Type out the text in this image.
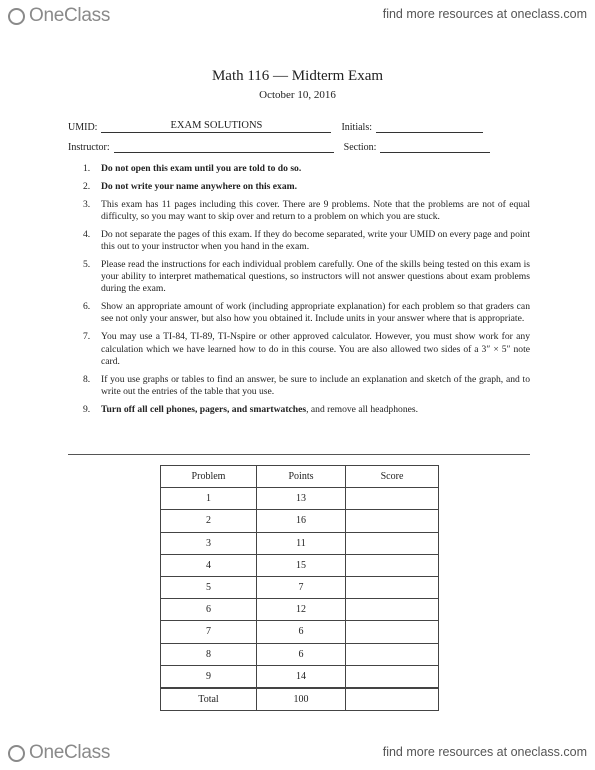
OneClass	find more resources at oneclass.com
Math 116 — Midterm Exam
October 10, 2016
UMID:	EXAM SOLUTIONS	Initials:
Instructor:	Section:
1.	Do not open this exam until you are told to do so.
2.	Do not write your name anywhere on this exam.
3.	This exam has 11 pages including this cover. There are 9 problems. Note that the problems are not of equal difficulty, so you may want to skip over and return to a problem on which you are stuck.
4.	Do not separate the pages of this exam. If they do become separated, write your UMID on every page and point this out to your instructor when you hand in the exam.
5.	Please read the instructions for each individual problem carefully. One of the skills being tested on this exam is your ability to interpret mathematical questions, so instructors will not answer questions about exam problems during the exam.
6.	Show an appropriate amount of work (including appropriate explanation) for each problem so that graders can see not only your answer, but also how you obtained it. Include units in your answer where that is appropriate.
7.	You may use a TI-84, TI-89, TI-Nspire or other approved calculator. However, you must show work for any calculation which we have learned how to do in this course. You are also allowed two sides of a 3″ × 5″ note card.
8.	If you use graphs or tables to find an answer, be sure to include an explanation and sketch of the graph, and to write out the entries of the table that you use.
9.	Turn off all cell phones, pagers, and smartwatches, and remove all headphones.
Problem	Points	Score
1	13	
2	16	
3	11	
4	15	
5	7	
6	12	
7	6	
8	6	
9	14	
Total	100	
OneClass	find more resources at oneclass.com
